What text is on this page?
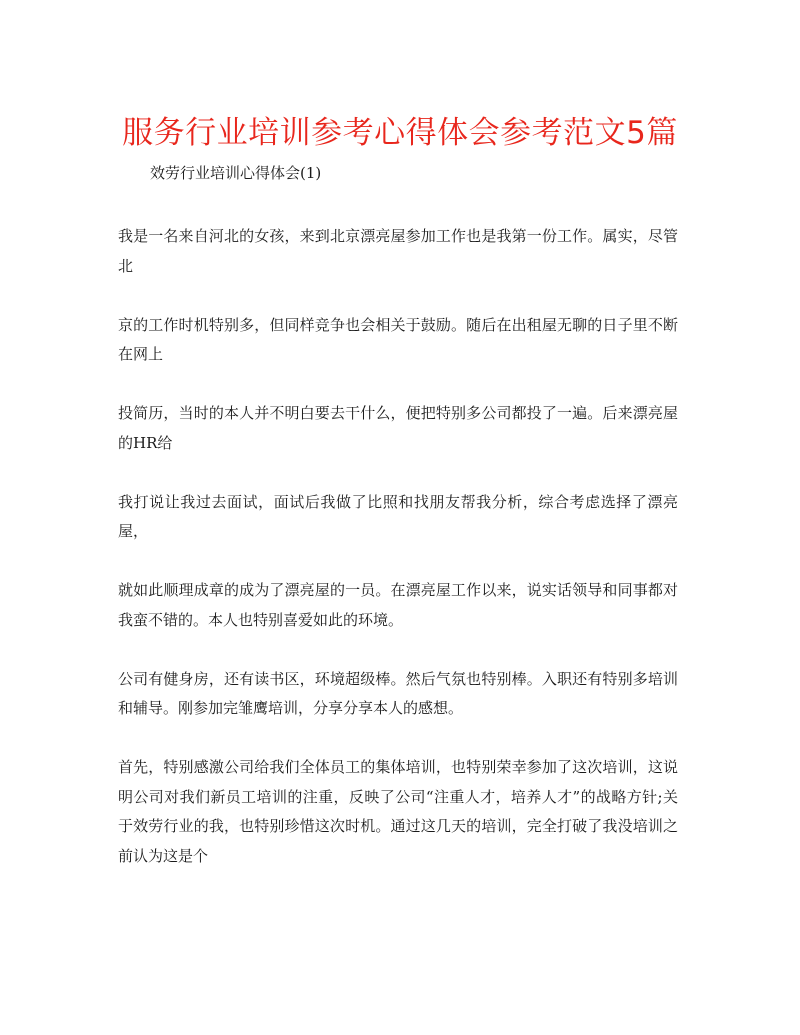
服务行业培训参考心得体会参考范文5篇

效劳行业培训心得体会(1)

我是一名来自河北的女孩，来到北京漂亮屋参加工作也是我第一份工作。属实，尽管北

京的工作时机特别多，但同样竞争也会相关于鼓励。随后在出租屋无聊的日子里不断在网上

投简历，当时的本人并不明白要去干什么，便把特别多公司都投了一遍。后来漂亮屋的HR给

我打说让我过去面试，面试后我做了比照和找朋友帮我分析，综合考虑选择了漂亮屋，

就如此顺理成章的成为了漂亮屋的一员。在漂亮屋工作以来，说实话领导和同事都对我蛮不错的。本人也特别喜爱如此的环境。

公司有健身房，还有读书区，环境超级棒。然后气氛也特别棒。入职还有特别多培训和辅导。刚参加完雏鹰培训，分享分享本人的感想。

首先，特别感激公司给我们全体员工的集体培训，也特别荣幸参加了这次培训，这说明公司对我们新员工培训的注重，反映了公司“注重人才，培养人才”的战略方针;关于效劳行业的我，也特别珍惜这次时机。通过这几天的培训，完全打破了我没培训之前认为这是个
